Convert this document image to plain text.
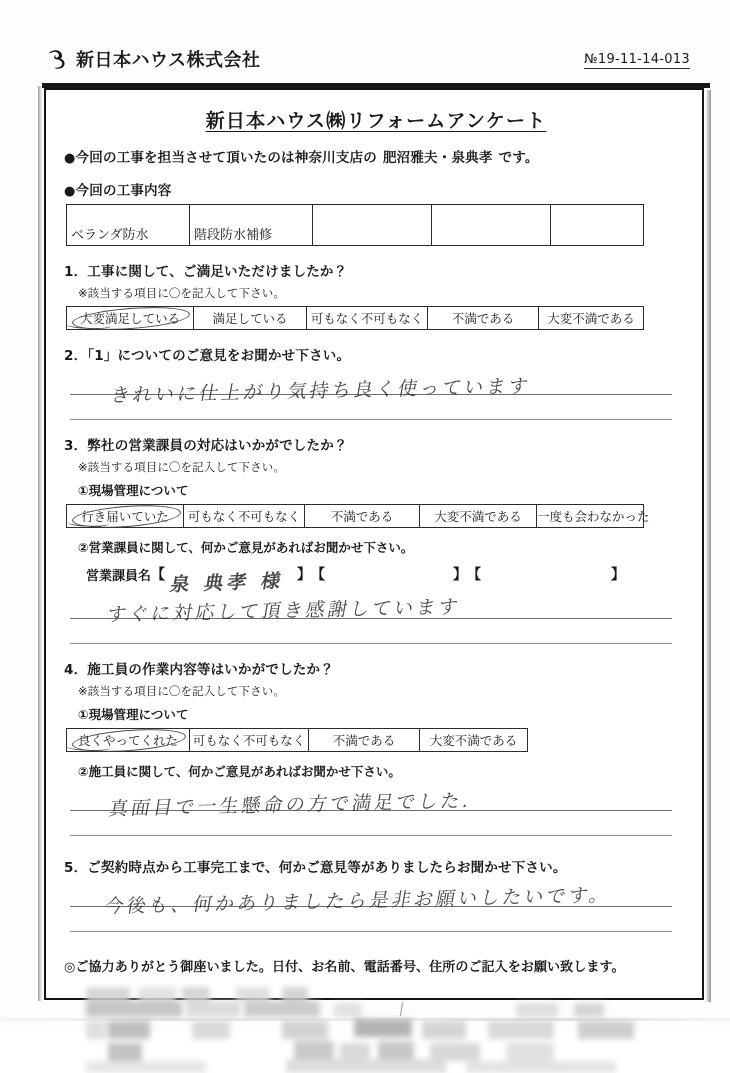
新日本ハウス株式会社	№19-11-14-013
新日本ハウス㈱リフォームアンケート
●今回の工事を担当させて頂いたのは神奈川支店の 肥沼雅夫・泉典孝 です。
●今回の工事内容
ベランダ防水	階段防水補修			
1．工事に関して、ご満足いただけましたか？
※該当する項目に〇を記入して下さい。
大変満足している	満足している	可もなく不可もなく	不満である	大変不満である
2．「1」についてのご意見をお聞かせ下さい。
きれいに仕上がり気持ち良く使っています
3．弊社の営業課員の対応はいかがでしたか？
※該当する項目に〇を記入して下さい。
①現場管理について
行き届いていた	可もなく不可もなく	不満である	大変不満である	一度も会わなかった
②営業課員に関して、何かご意見があればお聞かせ下さい。
営業課員名 【 泉 典孝 様 】 【	】 【	】
すぐに対応して頂き感謝しています
4．施工員の作業内容等はいかがでしたか？
※該当する項目に〇を記入して下さい。
①現場管理について
良くやってくれた	可もなく不可もなく	不満である	大変不満である
②施工員に関して、何かご意見があればお聞かせ下さい。
真面目で一生懸命の方で満足でした.
5．ご契約時点から工事完工まで、何かご意見等がありましたらお聞かせ下さい。
今後も、何かありましたら是非お願いしたいです。
◎ご協力ありがとう御座いました。日付、お名前、電話番号、住所のご記入をお願い致します。
